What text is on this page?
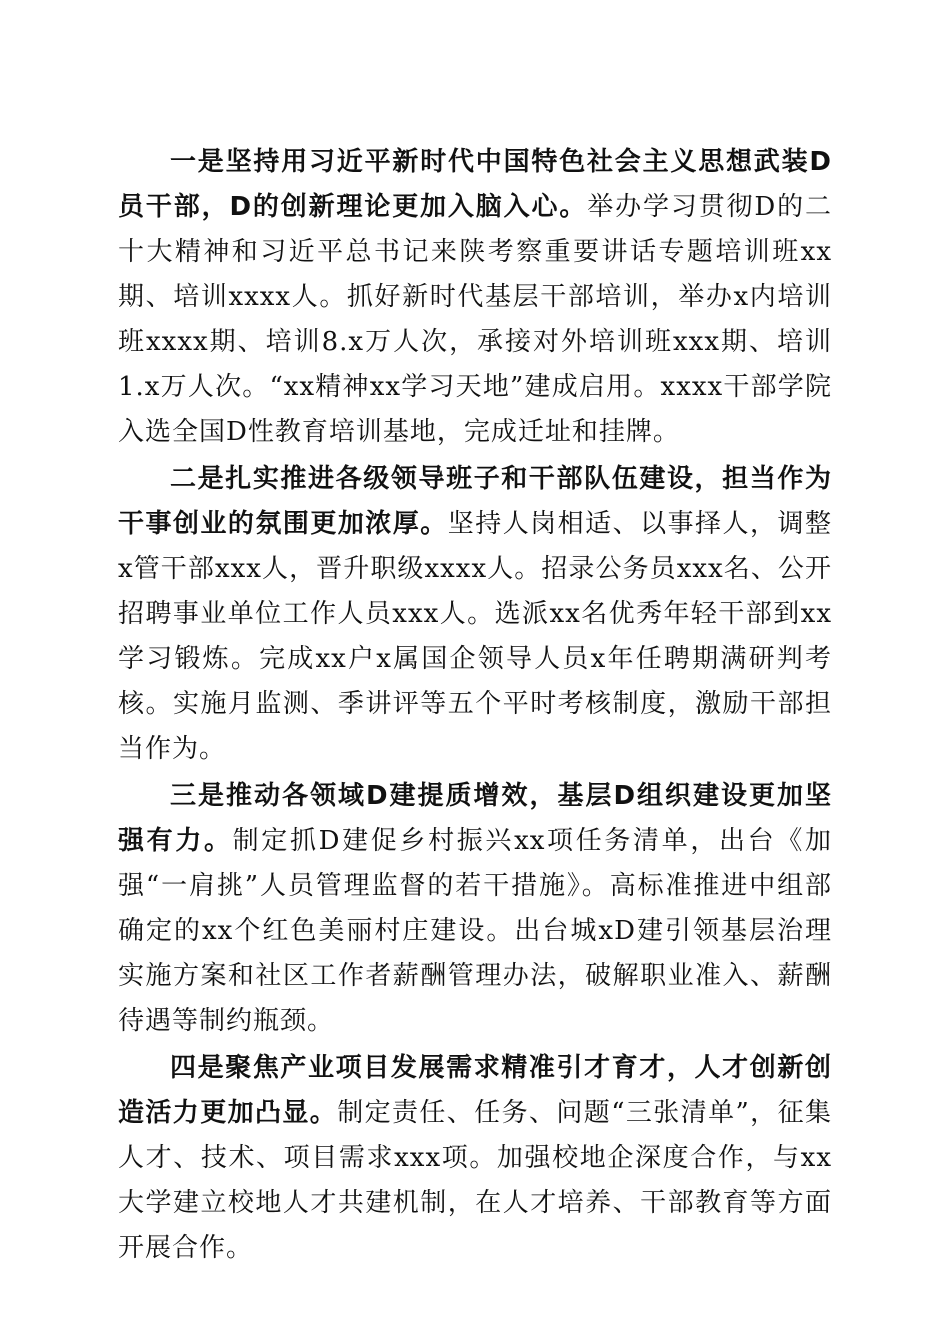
一是坚持用习近平新时代中国特色社会主义思想武装D员干部，D的创新理论更加入脑入心。举办学习贯彻D的二十大精神和习近平总书记来陕考察重要讲话专题培训班xx期、培训xxxx人。抓好新时代基层干部培训，举办x内培训班xxxx期、培训8.x万人次，承接对外培训班xxx期、培训1.x万人次。“xx精神xx学习天地”建成启用。xxxx干部学院入选全国D性教育培训基地，完成迁址和挂牌。

二是扎实推进各级领导班子和干部队伍建设，担当作为干事创业的氛围更加浓厚。坚持人岗相适、以事择人，调整x管干部xxx人，晋升职级xxxx人。招录公务员xxx名、公开招聘事业单位工作人员xxx人。选派xx名优秀年轻干部到xx学习锻炼。完成xx户x属国企领导人员x年任聘期满研判考核。实施月监测、季讲评等五个平时考核制度，激励干部担当作为。

三是推动各领域D建提质增效，基层D组织建设更加坚强有力。制定抓D建促乡村振兴xx项任务清单，出台《加强“一肩挑”人员管理监督的若干措施》。高标准推进中组部确定的xx个红色美丽村庄建设。出台城xD建引领基层治理实施方案和社区工作者薪酬管理办法，破解职业准入、薪酬待遇等制约瓶颈。

四是聚焦产业项目发展需求精准引才育才，人才创新创造活力更加凸显。制定责任、任务、问题“三张清单”，征集人才、技术、项目需求xxx项。加强校地企深度合作，与xx大学建立校地人才共建机制，在人才培养、干部教育等方面开展合作。
